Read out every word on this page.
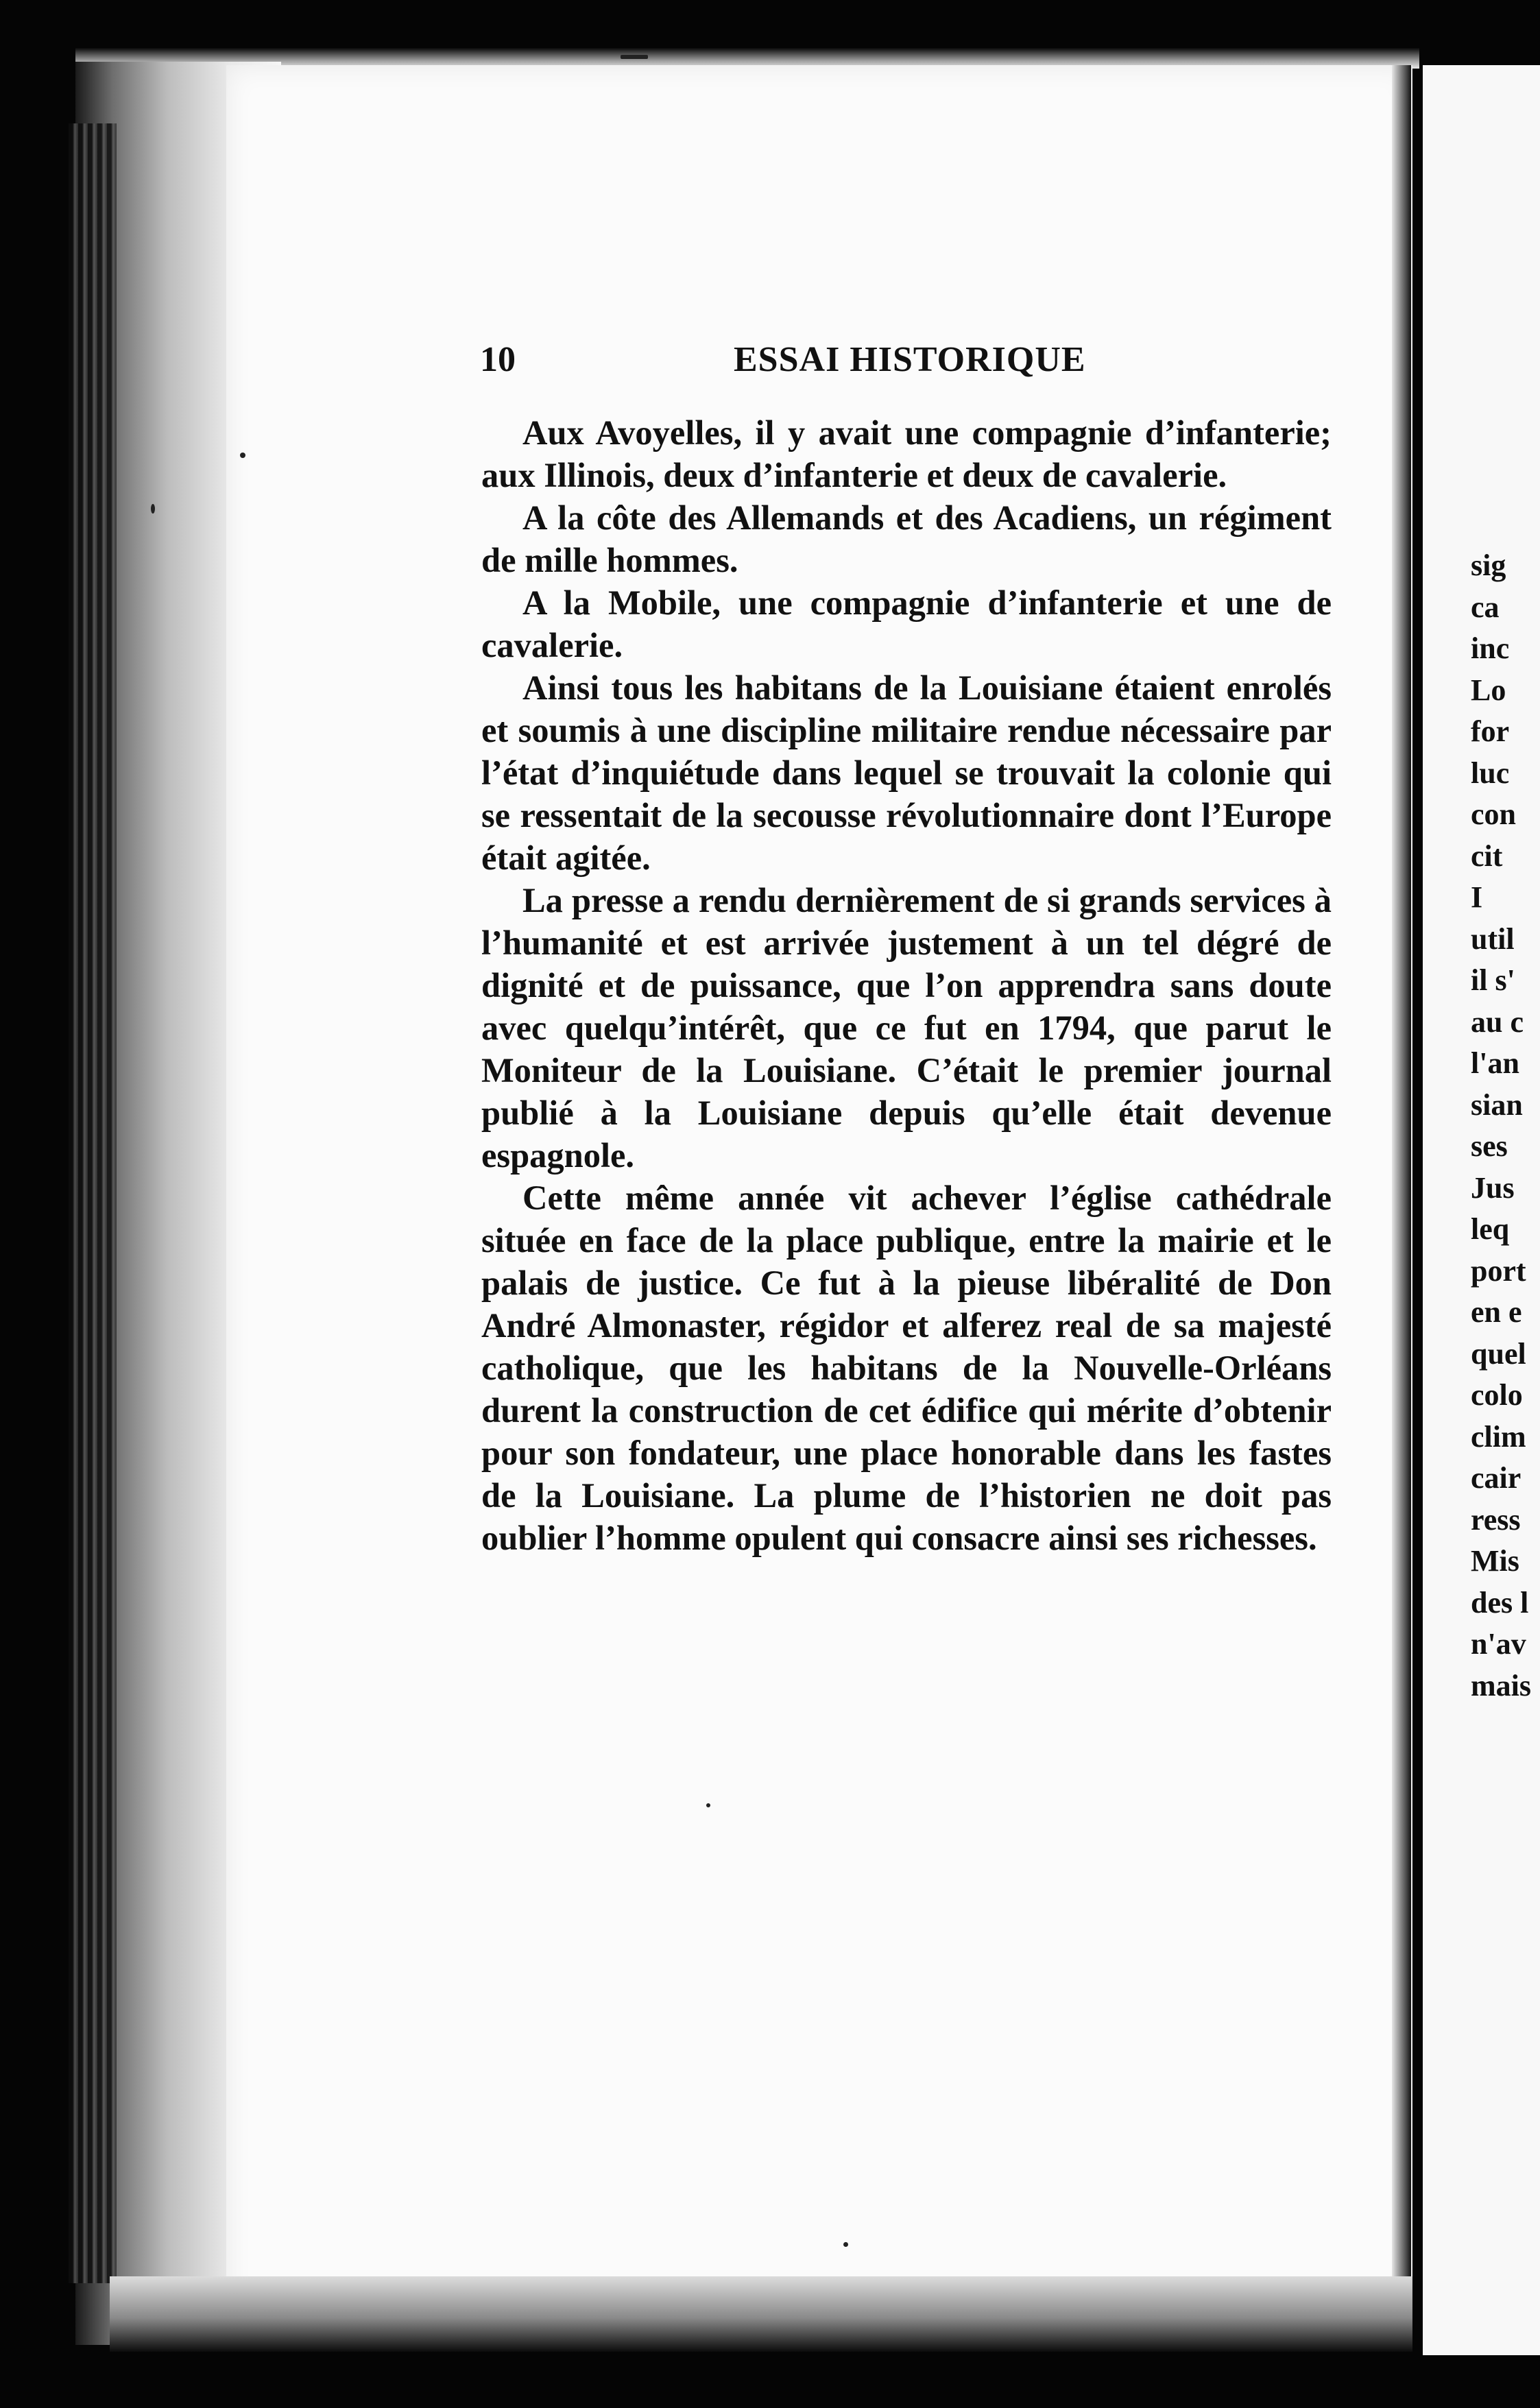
sig
ca
inc
Lo
for
luc
con
cit
I
util
il s'
au c
l'an
sian
ses
Jus
leq
port
en e
quel
colo
clim
cair
ress
Mis
des l
n'av
mais
10	ESSAI HISTORIQUE

Aux Avoyelles, il y avait une compagnie d’infanterie; aux Illinois, deux d’infanterie et deux de cavalerie.

A la côte des Allemands et des Acadiens, un régiment de mille hommes.

A la Mobile, une compagnie d’infanterie et une de cavalerie.

Ainsi tous les habitans de la Louisiane étaient enrolés et soumis à une discipline militaire rendue nécessaire par l’état d’inquiétude dans lequel se trouvait la colonie qui se ressentait de la secousse révolutionnaire dont l’Europe était agitée.

La presse a rendu dernièrement de si grands services à l’humanité et est arrivée justement à un tel dégré de dignité et de puissance, que l’on apprendra sans doute avec quelqu’intérêt, que ce fut en 1794, que parut le Moniteur de la Louisiane. C’était le premier journal publié à la Louisiane depuis qu’elle était devenue espagnole.

Cette même année vit achever l’église cathédrale située en face de la place publique, entre la mairie et le palais de justice. Ce fut à la pieuse libéralité de Don André Almonaster, régidor et alferez real de sa majesté catholique, que les habitans de la Nouvelle-Orléans durent la construction de cet édifice qui mérite d’obtenir pour son fondateur, une place honorable dans les fastes de la Louisiane. La plume de l’historien ne doit pas oublier l’homme opulent qui consacre ainsi ses richesses.
